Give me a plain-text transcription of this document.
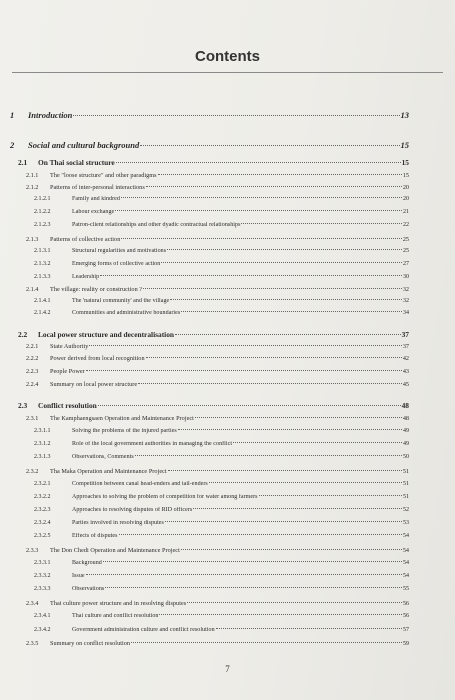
Contents
1	Introduction	13
2	Social and cultural background	15
2.1	On Thai social structure	15
2.1.1	The "loose structure" and other paradigms	15
2.1.2	Patterns of inter-personal interactions	20
2.1.2.1	Family and kindred	20
2.1.2.2	Labour exchange	21
2.1.2.3	Patron-client relationships and other dyadic contractual relationships	22
2.1.3	Patterns of collective action	25
2.1.3.1	Structural regularities and motivations	25
2.1.3.2	Emerging forms of collective action	27
2.1.3.3	Leadership	30
2.1.4	The village: reality or construction ?	32
2.1.4.1	The 'natural community' and the village	32
2.1.4.2	Communities and administrative boundaries	34
2.2	Local power structure and decentralisation	37
2.2.1	State Authority	37
2.2.2	Power derived from local recognition	42
2.2.3	People Power	43
2.2.4	Summary on local power structure	45
2.3	Conflict resolution	48
2.3.1	The Kamphaengsaen Operation and Maintenance Project	48
2.3.1.1	Solving the problems of the injured parties	49
2.3.1.2	Role of the local government authorities in managing the conflict	49
2.3.1.3	Observations, Comments	50
2.3.2	Tha Maka Operation and Maintenance Project	51
2.3.2.1	Competition between canal head-enders and tail-enders	51
2.3.2.2	Approaches to solving the problem of competition for water among farmers	51
2.3.2.3	Approaches to resolving disputes of RID officers	52
2.3.2.4	Parties involved in resolving disputes	53
2.3.2.5	Effects of disputes	54
2.3.3	The Don Chedi Operation and Maintenance Project	54
2.3.3.1	Background	54
2.3.3.2	Issue	54
2.3.3.3	Observations	55
2.3.4	Thai culture power structure and in resolving disputes	56
2.3.4.1	Thai culture and conflict resolution	56
2.3.4.2	Government administration culture and conflict resolution	57
2.3.5	Summary on conflict resolution	59
7
